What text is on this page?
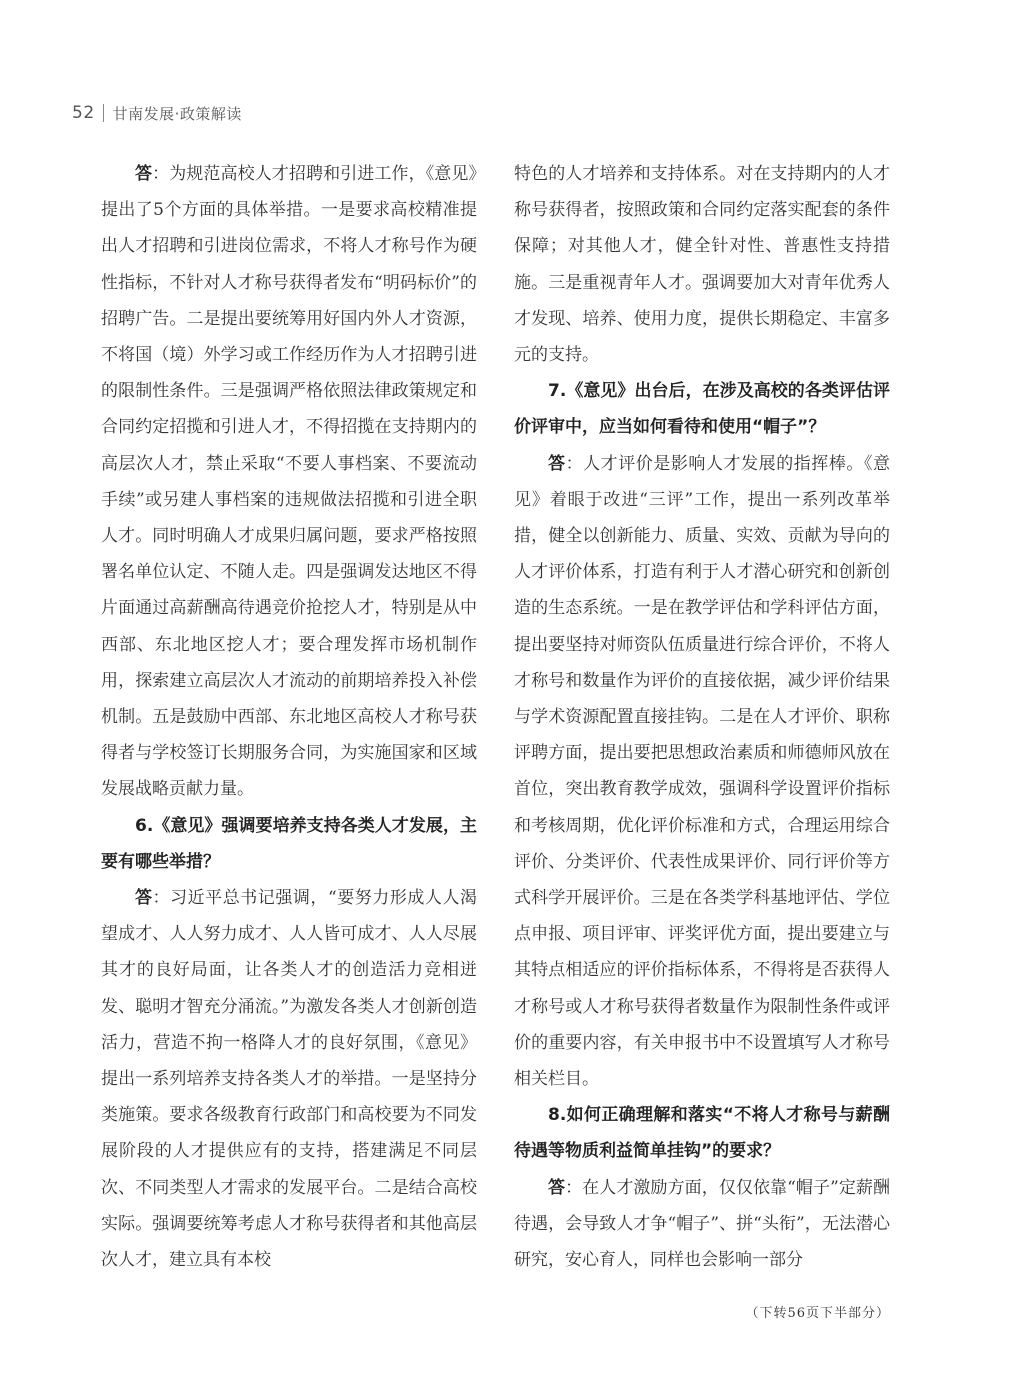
52 甘南发展·政策解读

答：为规范高校人才招聘和引进工作，《意见》提出了5个方面的具体举措。一是要求高校精准提出人才招聘和引进岗位需求，不将人才称号作为硬性指标，不针对人才称号获得者发布“明码标价”的招聘广告。二是提出要统筹用好国内外人才资源，不将国（境）外学习或工作经历作为人才招聘引进的限制性条件。三是强调严格依照法律政策规定和合同约定招揽和引进人才，不得招揽在支持期内的高层次人才，禁止采取“不要人事档案、不要流动手续”或另建人事档案的违规做法招揽和引进全职人才。同时明确人才成果归属问题，要求严格按照署名单位认定、不随人走。四是强调发达地区不得片面通过高薪酬高待遇竞价抢挖人才，特别是从中西部、东北地区挖人才；要合理发挥市场机制作用，探索建立高层次人才流动的前期培养投入补偿机制。五是鼓励中西部、东北地区高校人才称号获得者与学校签订长期服务合同，为实施国家和区域发展战略贡献力量。

6.《意见》强调要培养支持各类人才发展，主要有哪些举措？

答：习近平总书记强调，“要努力形成人人渴望成才、人人努力成才、人人皆可成才、人人尽展其才的良好局面，让各类人才的创造活力竞相迸发、聪明才智充分涌流。”为激发各类人才创新创造活力，营造不拘一格降人才的良好氛围，《意见》提出一系列培养支持各类人才的举措。一是坚持分类施策。要求各级教育行政部门和高校要为不同发展阶段的人才提供应有的支持，搭建满足不同层次、不同类型人才需求的发展平台。二是结合高校实际。强调要统筹考虑人才称号获得者和其他高层次人才，建立具有本校

特色的人才培养和支持体系。对在支持期内的人才称号获得者，按照政策和合同约定落实配套的条件保障；对其他人才，健全针对性、普惠性支持措施。三是重视青年人才。强调要加大对青年优秀人才发现、培养、使用力度，提供长期稳定、丰富多元的支持。

7.《意见》出台后，在涉及高校的各类评估评价评审中，应当如何看待和使用“帽子”？

答：人才评价是影响人才发展的指挥棒。《意见》着眼于改进“三评”工作，提出一系列改革举措，健全以创新能力、质量、实效、贡献为导向的人才评价体系，打造有利于人才潜心研究和创新创造的生态系统。一是在教学评估和学科评估方面，提出要坚持对师资队伍质量进行综合评价，不将人才称号和数量作为评价的直接依据，减少评价结果与学术资源配置直接挂钩。二是在人才评价、职称评聘方面，提出要把思想政治素质和师德师风放在首位，突出教育教学成效，强调科学设置评价指标和考核周期，优化评价标准和方式，合理运用综合评价、分类评价、代表性成果评价、同行评价等方式科学开展评价。三是在各类学科基地评估、学位点申报、项目评审、评奖评优方面，提出要建立与其特点相适应的评价指标体系，不得将是否获得人才称号或人才称号获得者数量作为限制性条件或评价的重要内容，有关申报书中不设置填写人才称号相关栏目。

8.如何正确理解和落实“不将人才称号与薪酬待遇等物质利益简单挂钩”的要求？

答：在人才激励方面，仅仅依靠“帽子”定薪酬待遇，会导致人才争“帽子”、拼“头衔”，无法潜心研究，安心育人，同样也会影响一部分

（下转56页下半部分）
